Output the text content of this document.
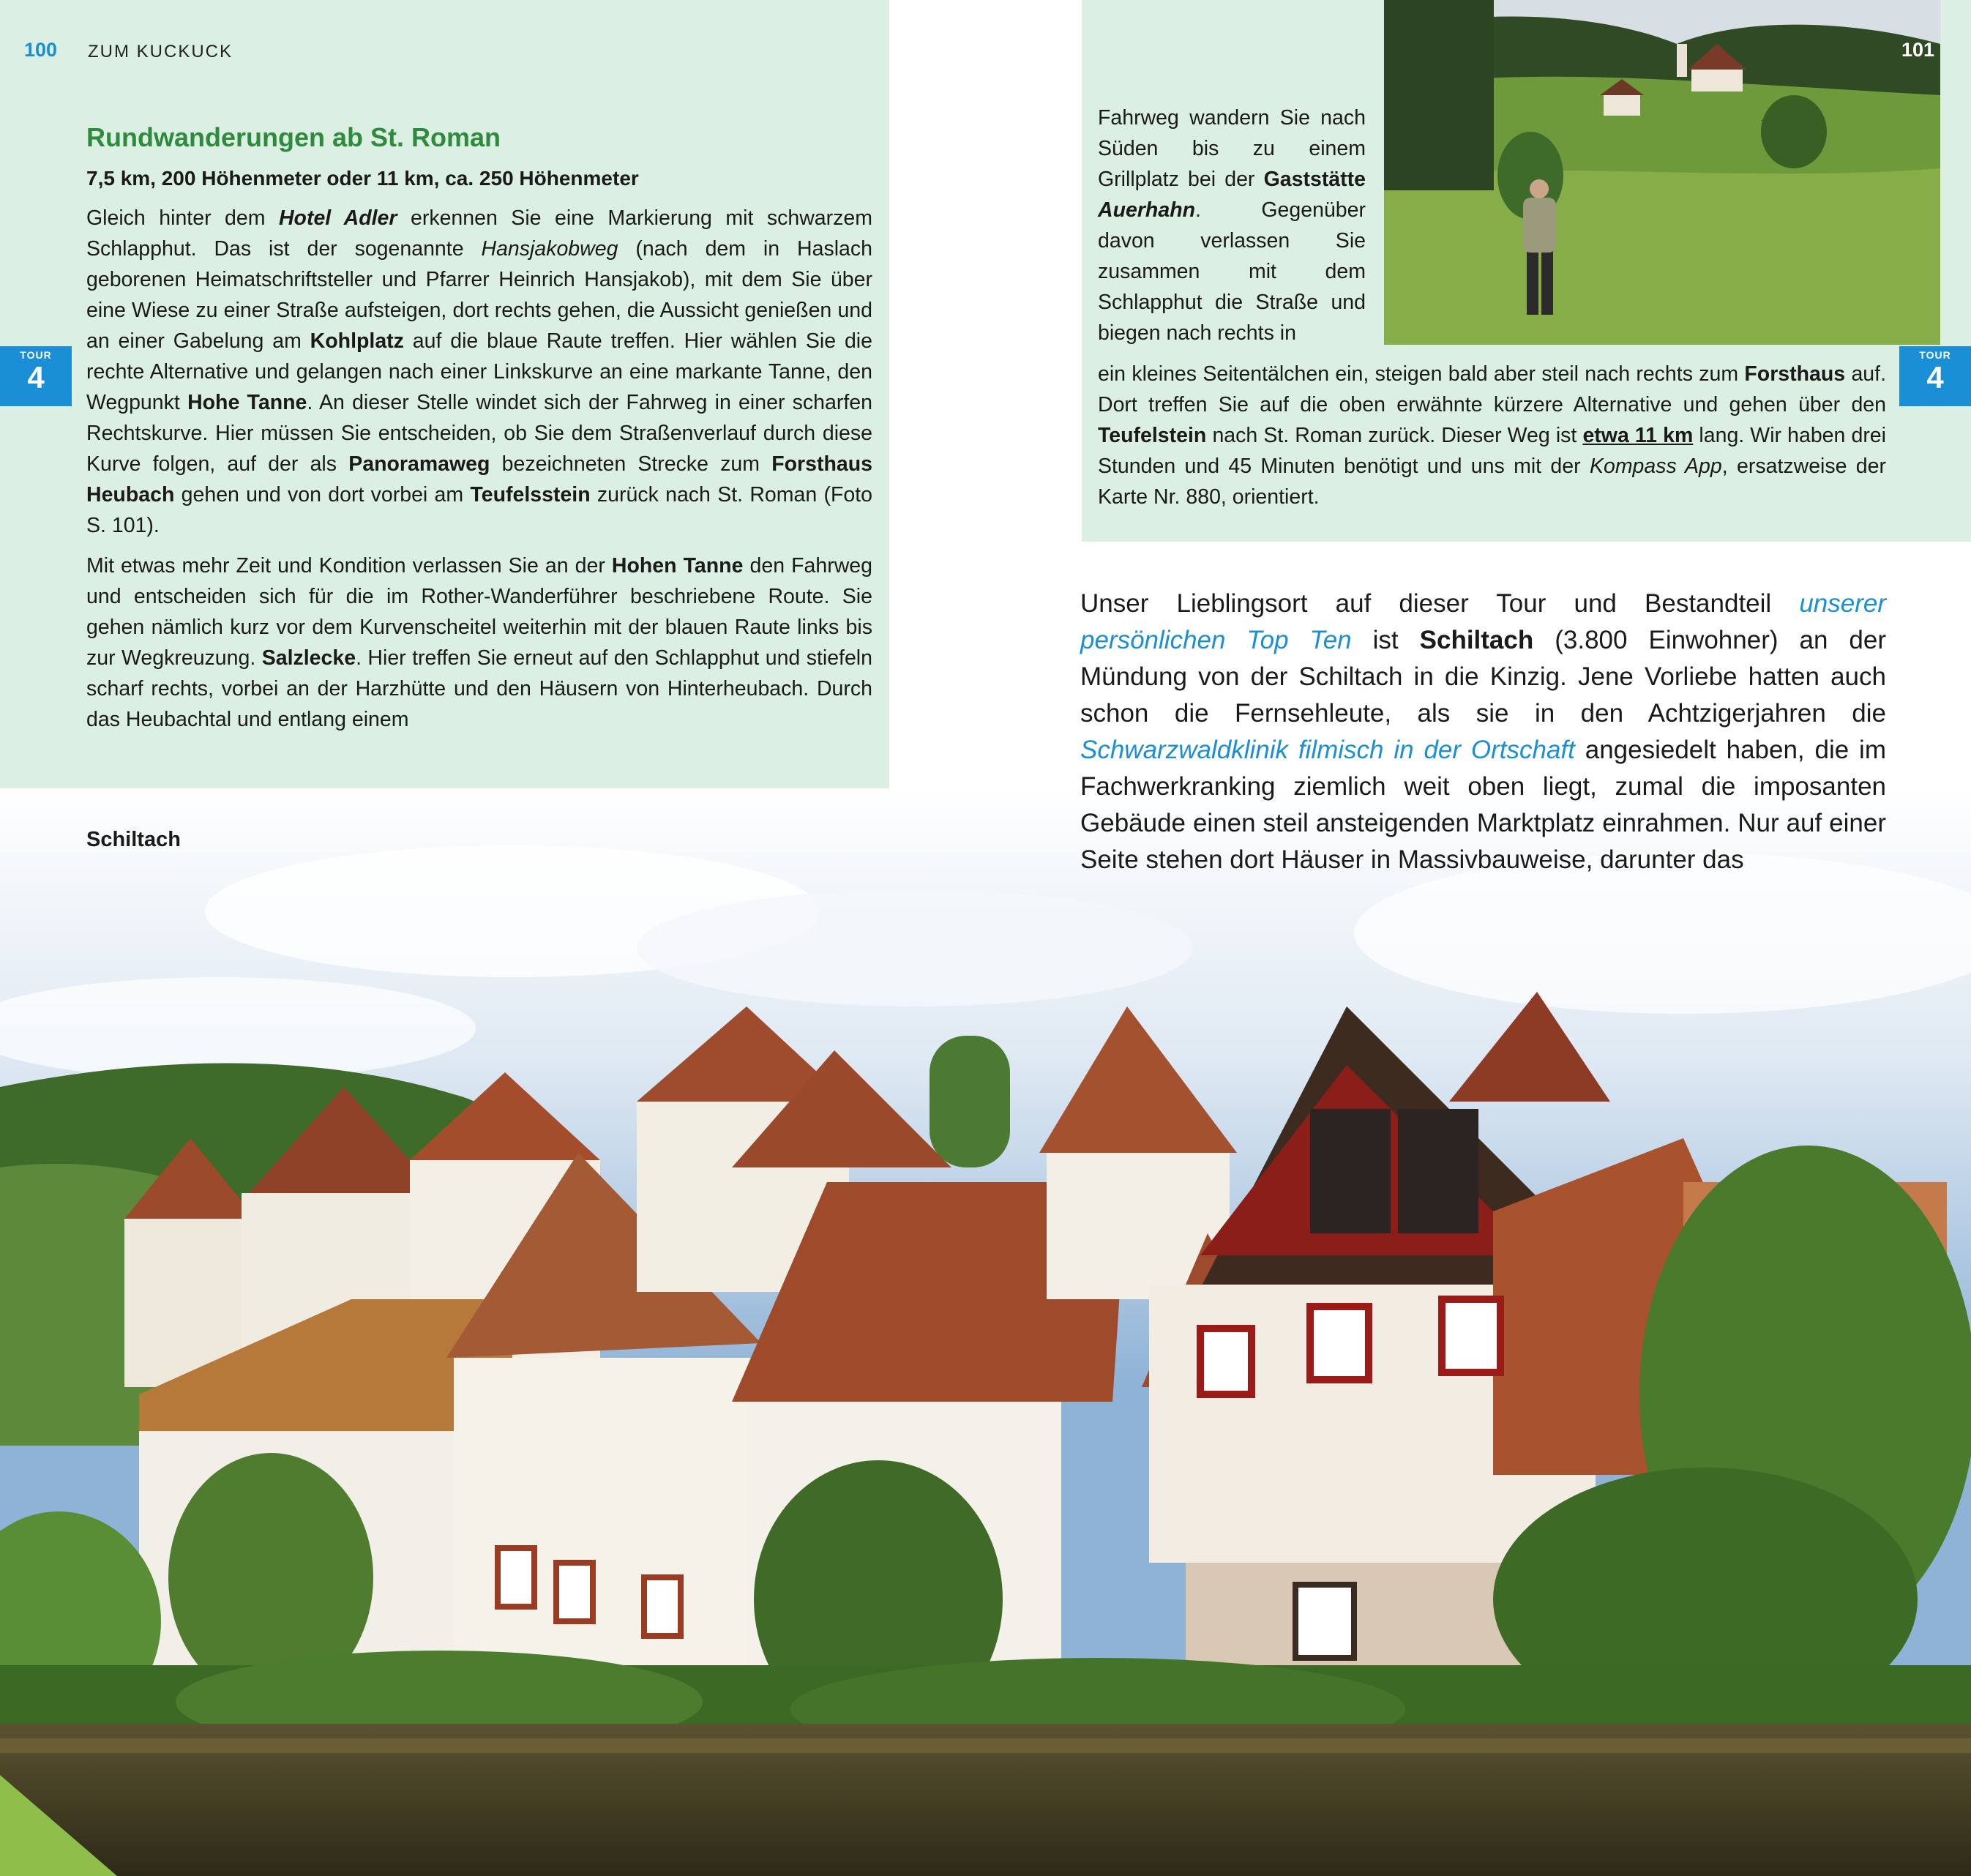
100 ZUM KUCKUCK
TOUR
4
TOUR
4
Rundwanderungen ab St. Roman
7,5 km, 200 Höhenmeter oder 11 km, ca. 250 Höhenmeter

Gleich hinter dem Hotel Adler erkennen Sie eine Markierung mit schwarzem Schlapphut. Das ist der sogenannte Hansjakobweg (nach dem in Haslach geborenen Heimatschriftsteller und Pfarrer Heinrich Hansjakob), mit dem Sie über eine Wiese zu einer Straße aufsteigen, dort rechts gehen, die Aussicht genießen und an einer Gabelung am Kohlplatz auf die blaue Raute treffen. Hier wählen Sie die rechte Alternative und gelangen nach einer Linkskurve an eine markante Tanne, den Wegpunkt Hohe Tanne. An dieser Stelle windet sich der Fahrweg in einer scharfen Rechtskurve. Hier müssen Sie entscheiden, ob Sie dem Straßenverlauf durch diese Kurve folgen, auf der als Panoramaweg bezeichneten Strecke zum Forsthaus Heubach gehen und von dort vorbei am Teufelsstein zurück nach St. Roman (Foto S. 101).

Mit etwas mehr Zeit und Kondition verlassen Sie an der Hohen Tanne den Fahrweg und entscheiden sich für die im Rother-Wanderführer beschriebene Route. Sie gehen nämlich kurz vor dem Kurvenscheitel weiterhin mit der blauen Raute links bis zur Wegkreuzung. Salzlecke. Hier treffen Sie erneut auf den Schlapphut und stiefeln scharf rechts, vorbei an der Harzhütte und den Häusern von Hinterheubach. Durch das Heubachtal und entlang einem

Schiltach
101
Fahrweg wandern Sie nach Süden bis zu einem Grillplatz bei der Gaststätte Auerhahn. Gegenüber davon verlassen Sie zusammen mit dem Schlapphut die Straße und biegen nach rechts in
ein kleines Seitentälchen ein, steigen bald aber steil nach rechts zum Forsthaus auf. Dort treffen Sie auf die oben erwähnte kürzere Alternative und gehen über den Teufelstein nach St. Roman zurück. Dieser Weg ist etwa 11 km lang. Wir haben drei Stunden und 45 Minuten benötigt und uns mit der Kompass App, ersatzweise der Karte Nr. 880, orientiert.
Unser Lieblingsort auf dieser Tour und Bestandteil unserer persönlichen Top Ten ist Schiltach (3.800 Einwohner) an der Mündung von der Schiltach in die Kinzig. Jene Vorliebe hatten auch schon die Fernsehleute, als sie in den Achtzigerjahren die Schwarzwaldklinik filmisch in der Ortschaft angesiedelt haben, die im Fachwerkranking ziemlich weit oben liegt, zumal die imposanten Gebäude einen steil ansteigenden Marktplatz einrahmen. Nur auf einer Seite stehen dort Häuser in Massivbauweise, darunter das
